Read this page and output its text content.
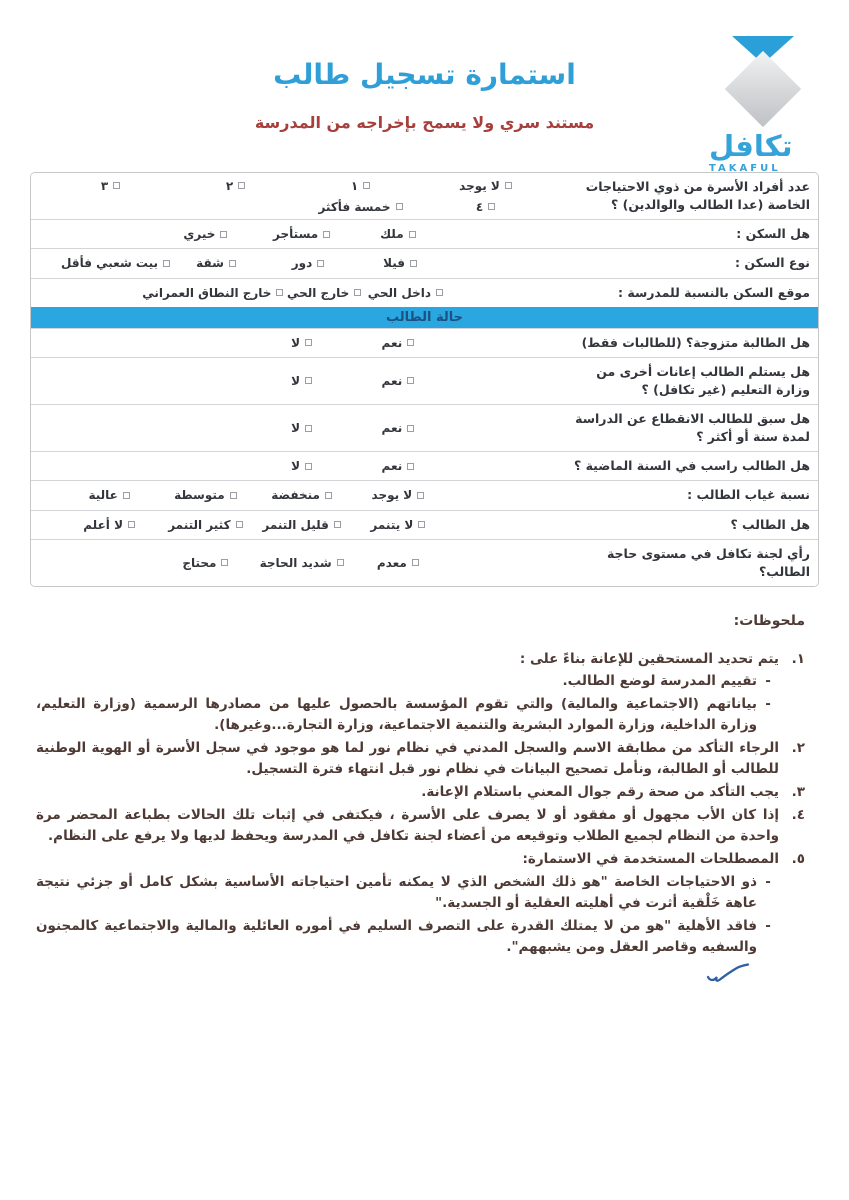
استمارة تسجيل طالب
مستند سري ولا يسمح بإخراجه من المدرسة
تكافل
TAKAFUL
عدد أفراد الأسرة من ذوي الاحتياجات الخاصة (عدا الطالب والوالدين) ؟
لا يوجد
١
٢
٣
٤
خمسة فأكثر
هل السكن :
ملك
مستأجر
خيري
نوع السكن :
فيلا
دور
شقة
بيت شعبي فأقل
موقع السكن بالنسبة للمدرسة :
داخل الحي
خارج الحي
خارج النطاق العمراني
حالة الطالب
هل الطالبة متزوجة؟ (للطالبات فقط)
نعم
لا
هل يستلم الطالب إعانات أخرى من وزارة التعليم (غير تكافل) ؟
نعم
لا
هل سبق للطالب الانقطاع عن الدراسة لمدة سنة أو أكثر ؟
نعم
لا
هل الطالب راسب في السنة الماضية ؟
نعم
لا
نسبة غياب الطالب :
لا يوجد
منخفضة
متوسطة
عالية
هل الطالب ؟
لا يتنمر
قليل التنمر
كثير التنمر
لا أعلم
رأي لجنة تكافل في مستوى حاجة الطالب؟
معدم
شديد الحاجة
محتاج
ملحوظات:
١.
يتم تحديد المستحقين للإعانة بناءً على :
-
تقييم المدرسة لوضع الطالب.
-
بياناتهم (الاجتماعية والمالية) والتي تقوم المؤسسة بالحصول عليها من مصادرها الرسمية (وزارة التعليم، وزارة الداخلية، وزارة الموارد البشرية والتنمية الاجتماعية، وزارة التجارة...وغيرها).
٢.
الرجاء التأكد من مطابقة الاسم والسجل المدني في نظام نور لما هو موجود في سجل الأسرة أو الهوية الوطنية للطالب أو الطالبة، ونأمل تصحيح البيانات في نظام نور قبل انتهاء فترة التسجيل.
٣.
يجب التأكد من صحة رقم جوال المعني باستلام الإعانة.
٤.
إذا كان الأب مجهول أو مفقود أو لا يصرف على الأسرة ، فيكتفى في إثبات تلك الحالات بطباعة المحضر مرة واحدة من النظام لجميع الطلاب وتوقيعه من أعضاء لجنة تكافل في المدرسة ويحفظ لديها ولا يرفع على النظام.
٥.
المصطلحات المستخدمة في الاستمارة:
-
ذو الاحتياجات الخاصة "هو ذلك الشخص الذي لا يمكنه تأمين احتياجاته الأساسية بشكل كامل أو جزئي نتيجة عاهة خَلْقية أثرت في أهليته العقلية أو الجسدية."
-
فاقد الأهلية "هو من لا يمتلك القدرة على التصرف السليم في أموره العائلية والمالية والاجتماعية كالمجنون والسفيه وقاصر العقل ومن يشبههم".
